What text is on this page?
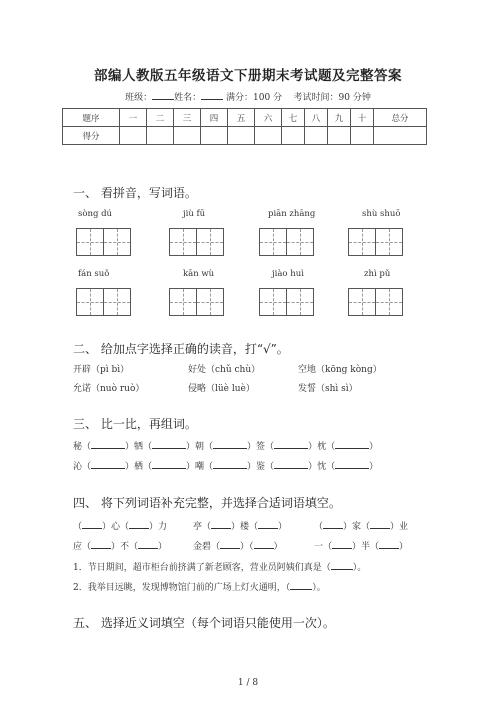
部编人教版五年级语文下册期末考试题及完整答案
班级： 姓名：	满分：100 分 考试时间：90 分钟
题序	一	二	三	四	五	六	七	八	九	十	总分
得分											
一、 看拼音，写词语。
sòng dú	jiù fū	piān zhāng	shù shuō
fán suǒ	kān wù	jiào huì	zhì pǔ
二、 给加点字选择正确的读音，打“√”。
开辟（pì bì）	好处（chǔ chù）	空地（kōng kòng）
允诺（nuò ruò）	侵略（lüè luè）	发誓（shì sì）
三、 比一比，再组词。
秘（	）牺（	）朝（	）签（	）枕（	）
沁（	）栖（	）嘲（	）鉴（	）忱（	）
四、 将下列词语补充完整，并选择合适词语填空。
（ ）心（ ）力	亭（ ）楼（ ）	（ ）家（ ）业
应（ ）不（ ）	金碧（ ）（ ）	一（ ）半（ ）
1．节日期间，超市柜台前挤满了新老顾客，营业员阿姨们真是（ ）。
2．我举目远眺，发现博物馆门前的广场上灯火通明，（ ）。
五、 选择近义词填空（每个词语只能使用一次）。
1 / 8
